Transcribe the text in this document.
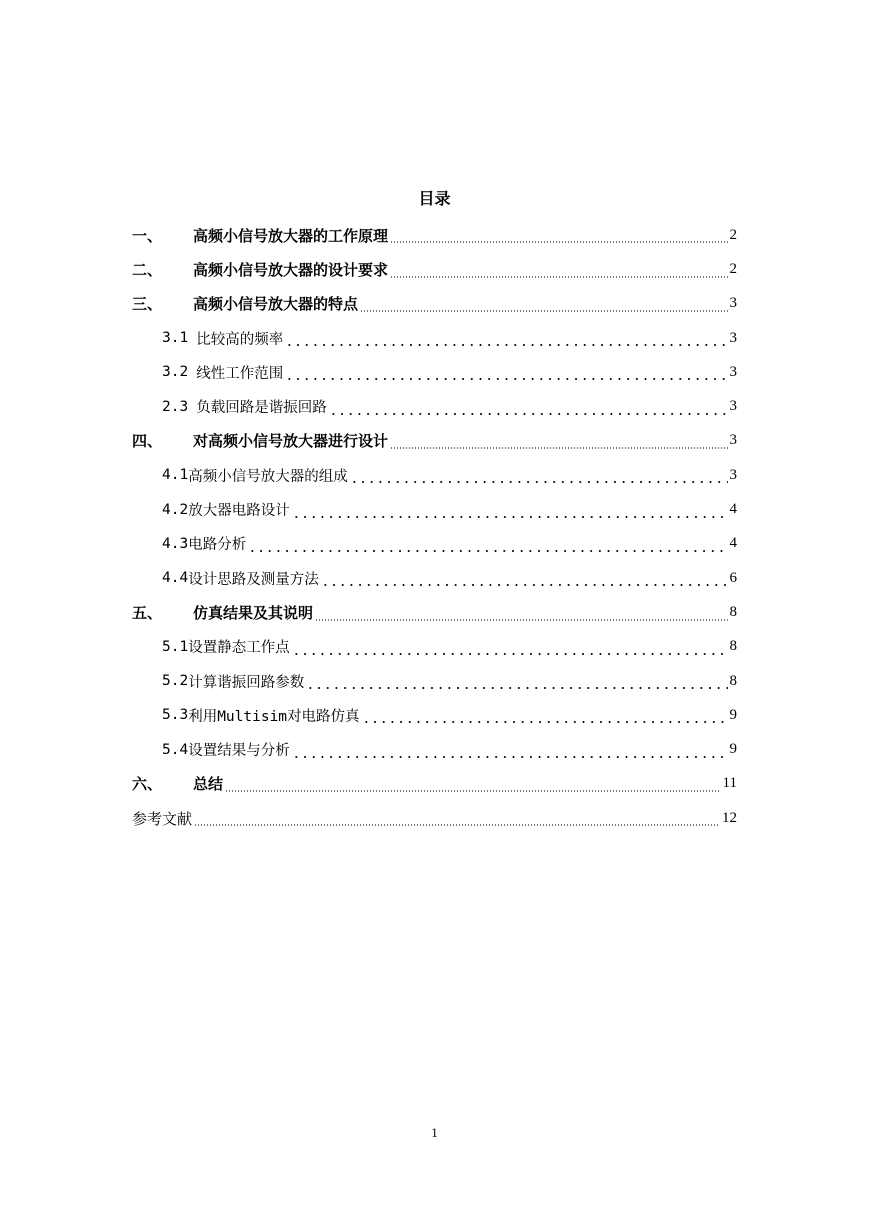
目录
一、	高频小信号放大器的工作原理	2
二、	高频小信号放大器的设计要求	2
三、	高频小信号放大器的特点	3
3.1 比较高的频率	3
3.2 线性工作范围	3
2.3 负载回路是谐振回路	3
四、	对高频小信号放大器进行设计	3
4.1 高频小信号放大器的组成	3
4.2 放大器电路设计	4
4.3 电路分析	4
4.4 设计思路及测量方法	6
五、	仿真结果及其说明	8
5.1 设置静态工作点	8
5.2 计算谐振回路参数	8
5.3 利用Multisim对电路仿真	9
5.4 设置结果与分析	9
六、	总结	11
参考文献	12
1
